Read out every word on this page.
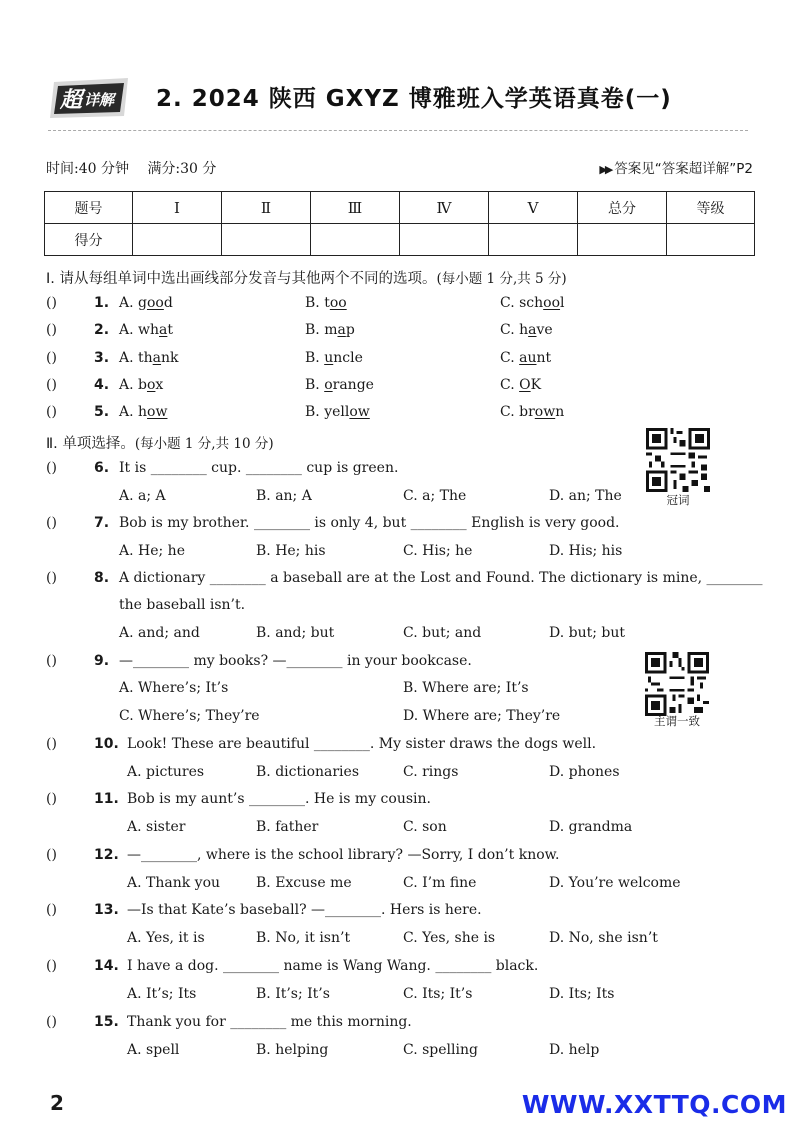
超 详解 2. 2024 陕西 GXYZ 博雅班入学英语真卷(一)
时间:40 分钟 满分:30 分	▶▶ 答案见“答案超详解”P2
题号	Ⅰ	Ⅱ	Ⅲ	Ⅳ	Ⅴ	总分	等级
得分							
Ⅰ. 请从每组单词中选出画线部分发音与其他两个不同的选项。(每小题 1 分,共 5 分)
()	1. A. good	B. too	C. school
()	2. A. what	B. map	C. have
()	3. A. thank	B. uncle	C. aunt
()	4. A. box	B. orange	C. OK
()	5. A. how	B. yellow	C. brown
Ⅱ. 单项选择。(每小题 1 分,共 10 分)
冠词
主谓一致
()	6. It is ________ cup. ________ cup is green.
A. a; A	B. an; A	C. a; The	D. an; The
()	7. Bob is my brother. ________ is only 4, but ________ English is very good.
A. He; he	B. He; his	C. His; he	D. His; his
()	8. A dictionary ________ a baseball are at the Lost and Found. The dictionary is mine, ________
the baseball isn’t.
A. and; and	B. and; but	C. but; and	D. but; but
()	9. —________ my books? —________ in your bookcase.
A. Where’s; It’s	B. Where are; It’s
C. Where’s; They’re	D. Where are; They’re
()	10. Look! These are beautiful ________. My sister draws the dogs well.
A. pictures	B. dictionaries	C. rings	D. phones
()	11. Bob is my aunt’s ________. He is my cousin.
A. sister	B. father	C. son	D. grandma
()	12. —________, where is the school library? —Sorry, I don’t know.
A. Thank you	B. Excuse me	C. I’m fine	D. You’re welcome
()	13. —Is that Kate’s baseball? —________. Hers is here.
A. Yes, it is	B. No, it isn’t	C. Yes, she is	D. No, she isn’t
()	14. I have a dog. ________ name is Wang Wang. ________ black.
A. It’s; Its	B. It’s; It’s	C. Its; It’s	D. Its; Its
()	15. Thank you for ________ me this morning.
A. spell	B. helping	C. spelling	D. help
2	WWW.XXTTQ.COM
